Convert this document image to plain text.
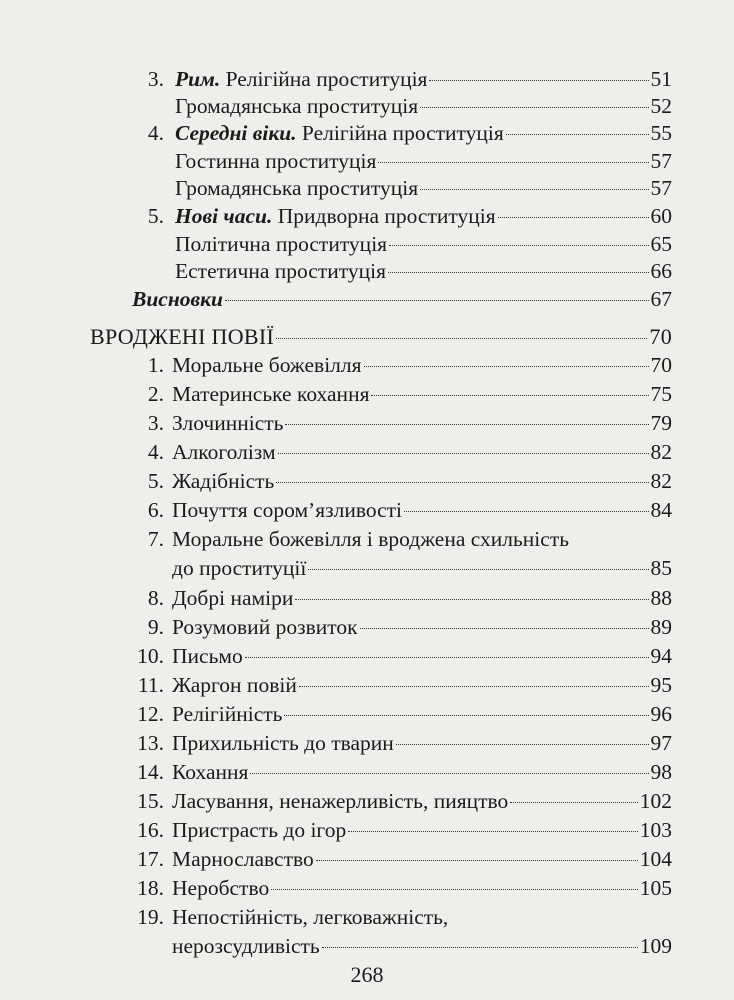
3. Рим. Релігійна проституція	51
Громадянська проституція	52
4. Середні віки. Релігійна проституція	55
Гостинна проституція	57
Громадянська проституція	57
5. Нові часи. Придворна проституція	60
Політична проституція	65
Естетична проституція	66
Висновки	67
ВРОДЖЕНІ ПОВІЇ	70
1. Моральне божевілля	70
2. Материнське кохання	75
3. Злочинність	79
4. Алкоголізм	82
5. Жадібність	82
6. Почуття сором’язливості	84
7. Моральне божевілля і вроджена схильність
до проституції	85
8. Добрі наміри	88
9. Розумовий розвиток	89
10. Письмо	94
11. Жаргон повій	95
12. Релігійність	96
13. Прихильність до тварин	97
14. Кохання	98
15. Ласування, ненажерливість, пияцтво	102
16. Пристрасть до ігор	103
17. Марнославство	104
18. Неробство	105
19. Непостійність, легковажність,
нерозсудливість	109
268
